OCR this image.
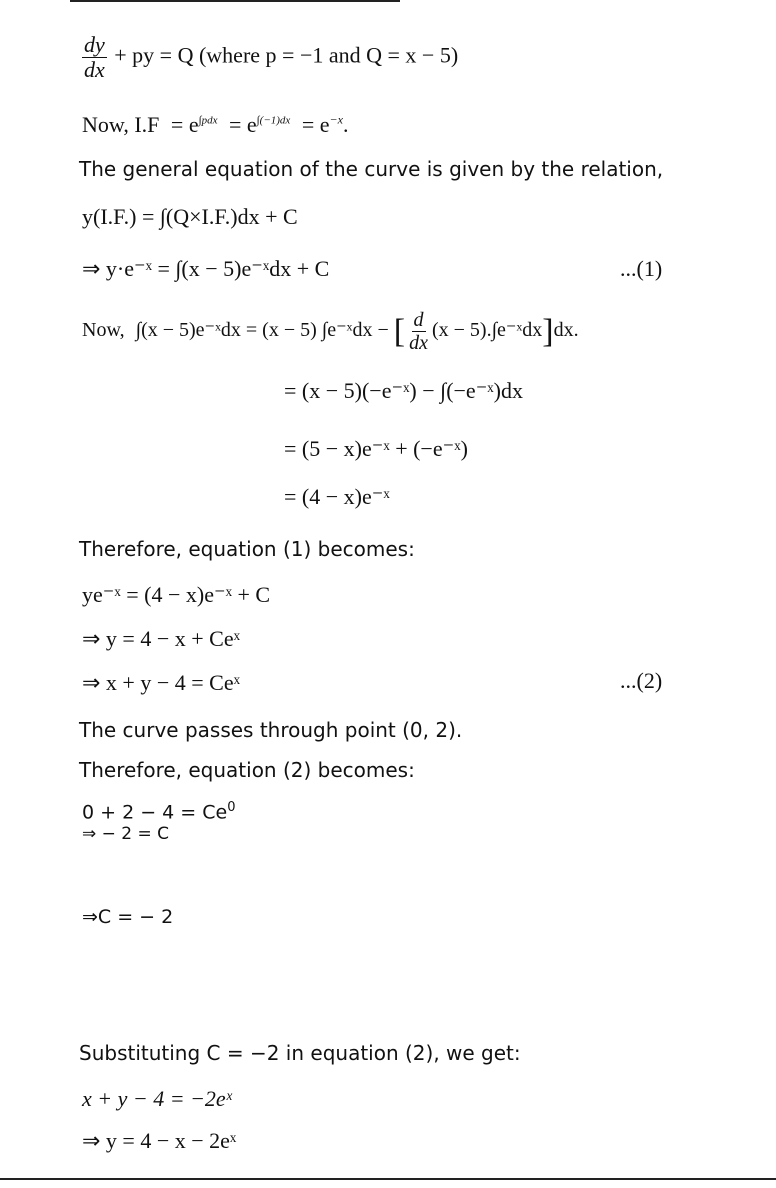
$\frac{dy}{dx}$ + py = Q (where p = −1 and Q = x − 5)
Now, $I.F = e^{\int pdx} = e^{\int(-1)dx} = e^{-x}$.
The general equation of the curve is given by the relation,
y(I.F.) = ∫(Q×I.F.)dx + C
⇒ y·e⁻ˣ = ∫(x − 5)e⁻ˣdx + C	...(1)
Now, ∫(x − 5)e⁻ˣdx = (x − 5) ∫e⁻ˣdx − [ $\frac{d}{dx} (x$ − 5).∫e⁻ˣdx]dx.
= (x − 5)(−e⁻ˣ) − ∫(−e⁻ˣ)dx
= (5 − x)e⁻ˣ + (−e⁻ˣ)
= (4 − x)e⁻ˣ
Therefore, equation (1) becomes:
ye⁻ˣ = (4 − x)e⁻ˣ + C
⇒ y = 4 − x + Ceˣ
⇒ x + y − 4 = Ceˣ	...(2)
The curve passes through point (0, 2).
Therefore, equation (2) becomes:
$0 + 2 - 4 = Ce^0$
⇒ − 2 = C
⇒C = − 2
Substituting C = −2 in equation (2), we get:
x + y − 4 = −2eˣ
⇒ y = 4 − x − 2eˣ
